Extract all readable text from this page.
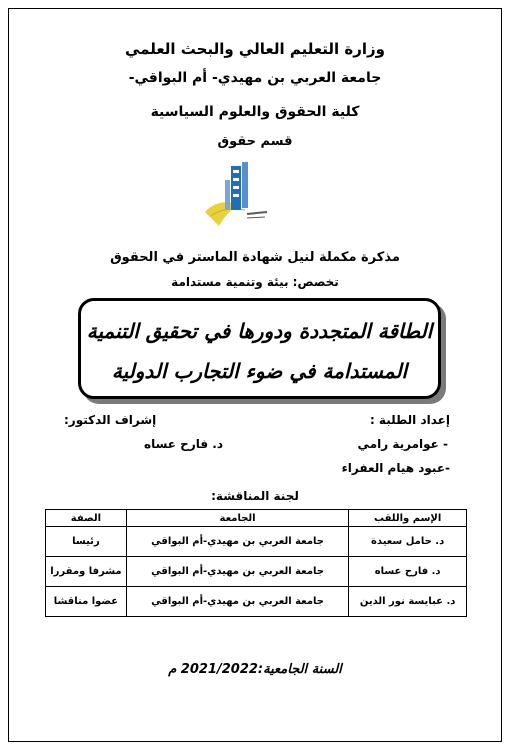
وزارة التعليم العالي والبحث العلمي
جامعة العربي بن مهيدي- أم البواقي-
كلية الحقوق والعلوم السياسية
قسم حقوق
مذكرة مكملة لنيل شهادة الماستر في الحقوق
تخصص: بيئة وتنمية مستدامة
الطاقة المتجددة ودورها في تحقيق التنمية
المستدامة في ضوء التجارب الدولية
إعداد الطلبة :
- عوامرية رامي
-عبود هيام العفراء
إشراف الدكتور:
د. فارح عساه
لجنة المناقشة:
الإسم واللقب	الجامعة	الصفة
د. حامل سعيدة	جامعة العربي بن مهيدي-أم البواقي	رئيسا
د. فارح عساه	جامعة العربي بن مهيدي-أم البواقي	مشرفا ومقررا
د. عبايسة نور الدين	جامعة العربي بن مهيدي-أم البواقي	عضوا مناقشا
السنة الجامعية:2021/2022 م
